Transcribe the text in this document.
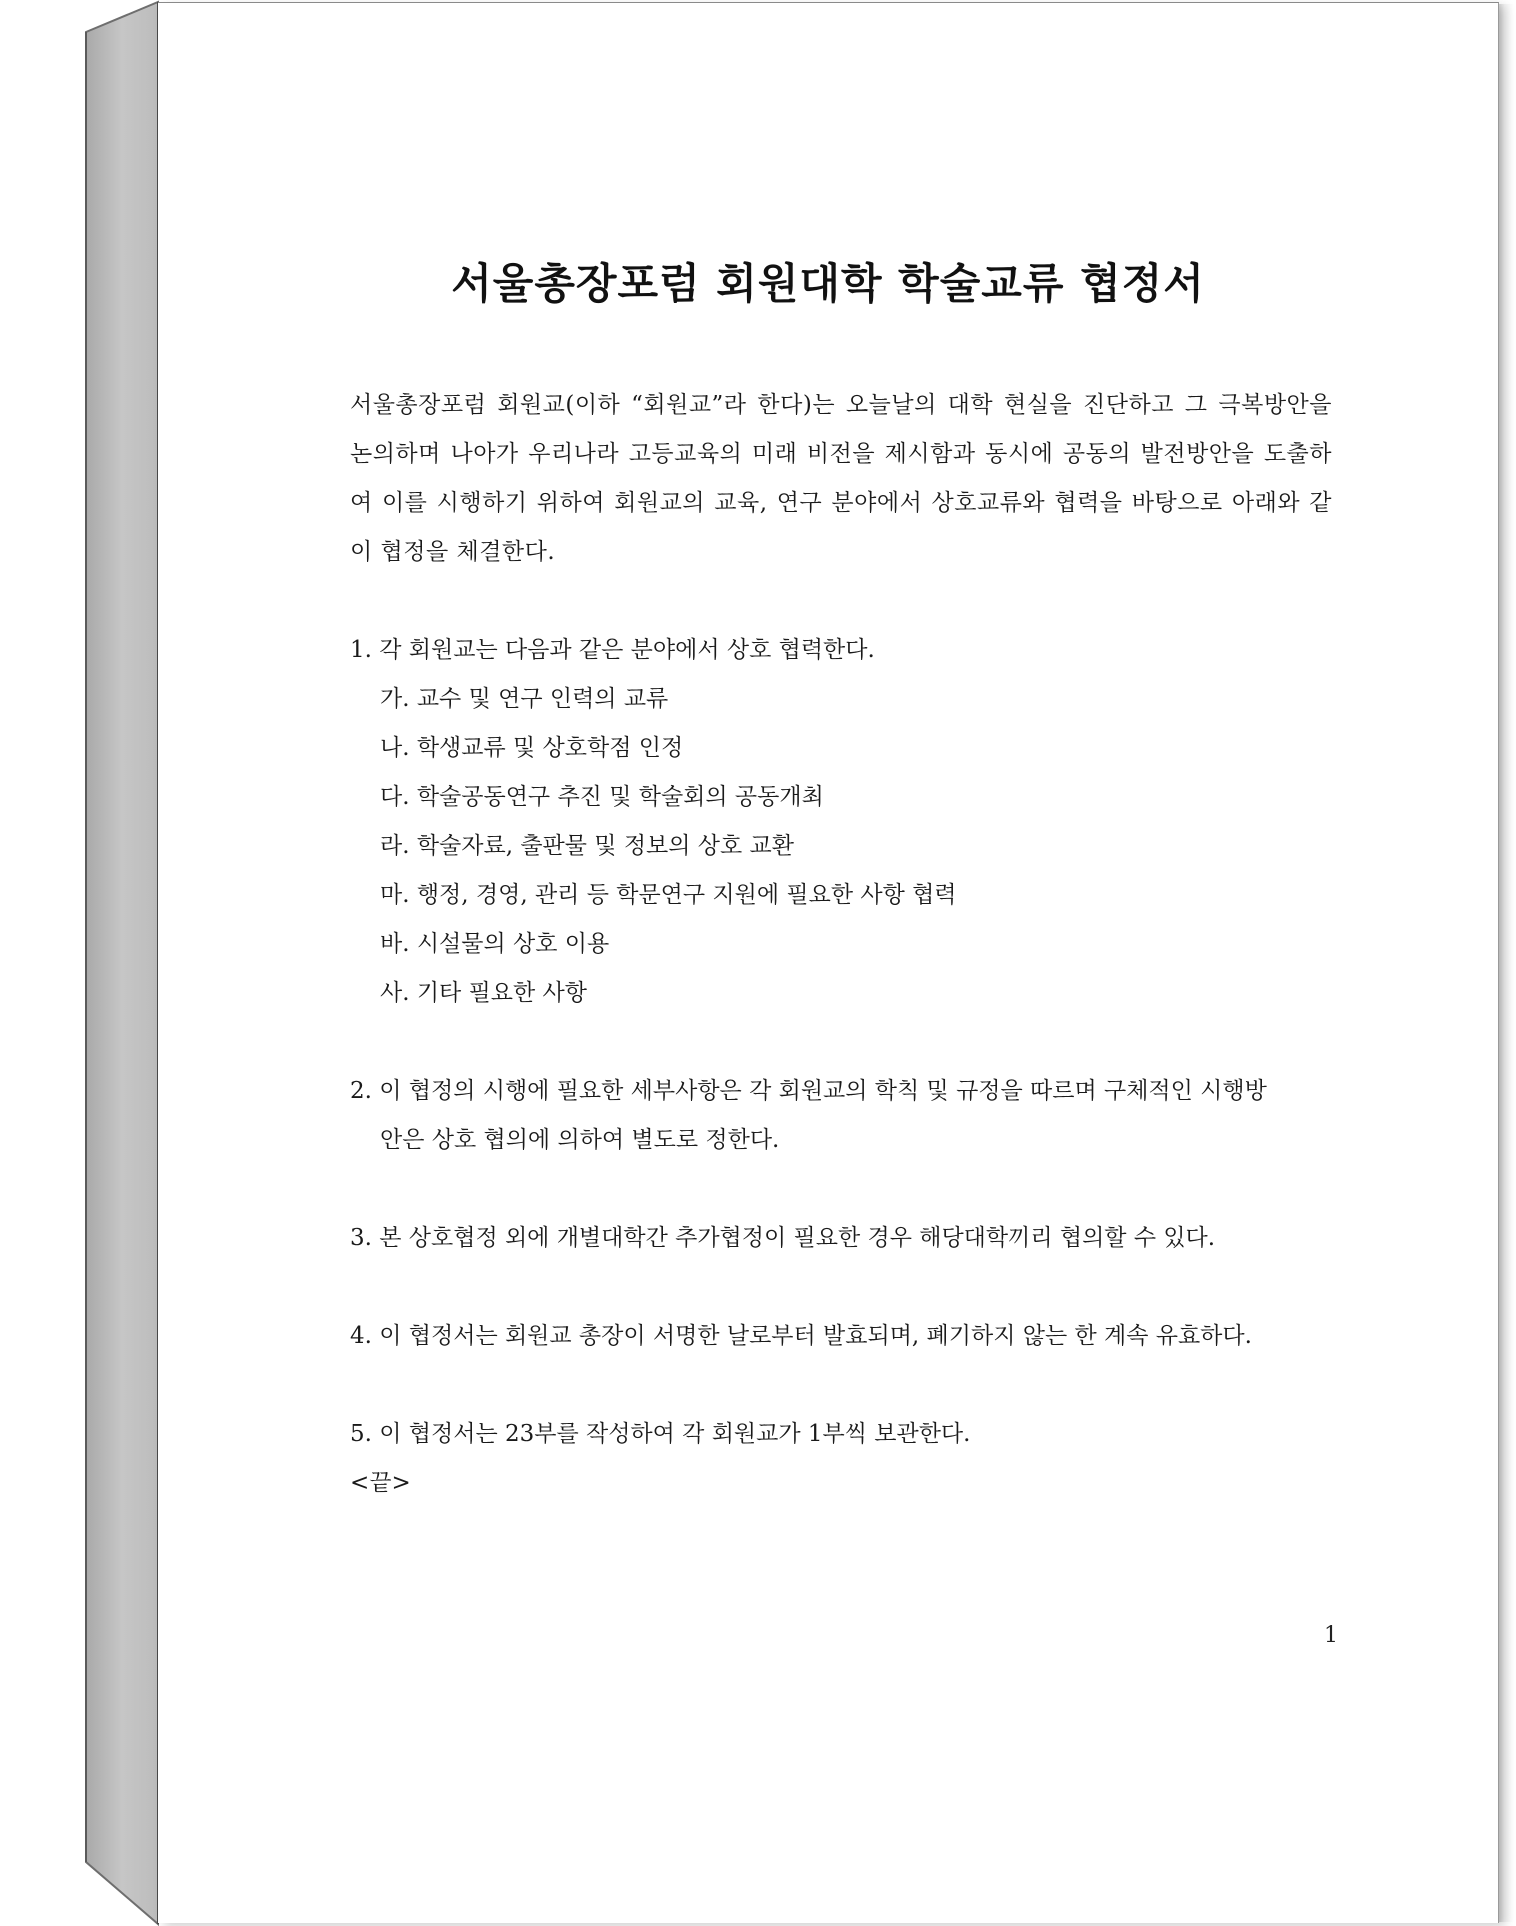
서울총장포럼 회원대학 학술교류 협정서

서울총장포럼 회원교(이하 “회원교”라 한다)는 오늘날의 대학 현실을 진단하고 그 극복방안을 논의하며 나아가 우리나라 고등교육의 미래 비전을 제시함과 동시에 공동의 발전방안을 도출하여 이를 시행하기 위하여 회원교의 교육, 연구 분야에서 상호교류와 협력을 바탕으로 아래와 같이 협정을 체결한다.

1. 각 회원교는 다음과 같은 분야에서 상호 협력한다.

가. 교수 및 연구 인력의 교류

나. 학생교류 및 상호학점 인정

다. 학술공동연구 추진 및 학술회의 공동개최

라. 학술자료, 출판물 및 정보의 상호 교환

마. 행정, 경영, 관리 등 학문연구 지원에 필요한 사항 협력

바. 시설물의 상호 이용

사. 기타 필요한 사항

2. 이 협정의 시행에 필요한 세부사항은 각 회원교의 학칙 및 규정을 따르며 구체적인 시행방

안은 상호 협의에 의하여 별도로 정한다.

3. 본 상호협정 외에 개별대학간 추가협정이 필요한 경우 해당대학끼리 협의할 수 있다.

4. 이 협정서는 회원교 총장이 서명한 날로부터 발효되며, 폐기하지 않는 한 계속 유효하다.

5. 이 협정서는 23부를 작성하여 각 회원교가 1부씩 보관한다.

<끝>

1
